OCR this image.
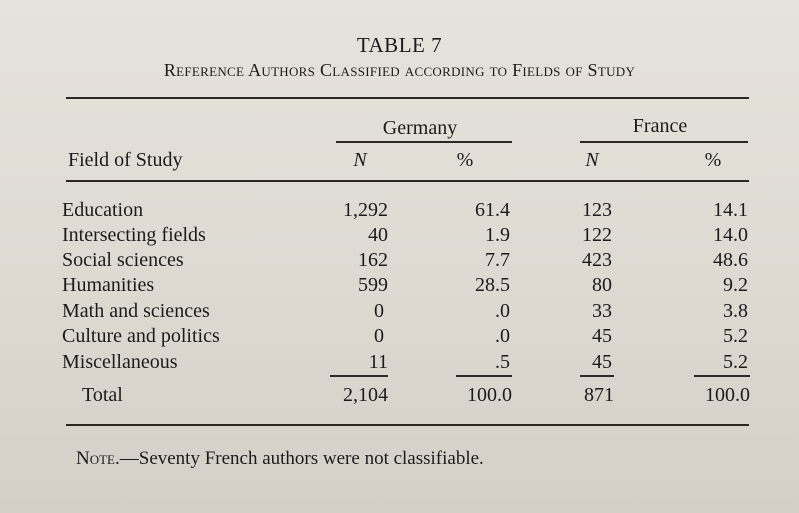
TABLE 7
Reference Authors Classified according to Fields of Study
Germany	France
Field of Study	N	%	N	%
Education	1,292	61.4	123	14.1
Intersecting fields	40	1.9	122	14.0
Social sciences	162	7.7	423	48.6
Humanities	599	28.5	80	9.2
Math and sciences	0	.0	33	3.8
Culture and politics	0	.0	45	5.2
Miscellaneous	11	.5	45	5.2
Total	2,104	100.0	871	100.0
Note.—Seventy French authors were not classifiable.
